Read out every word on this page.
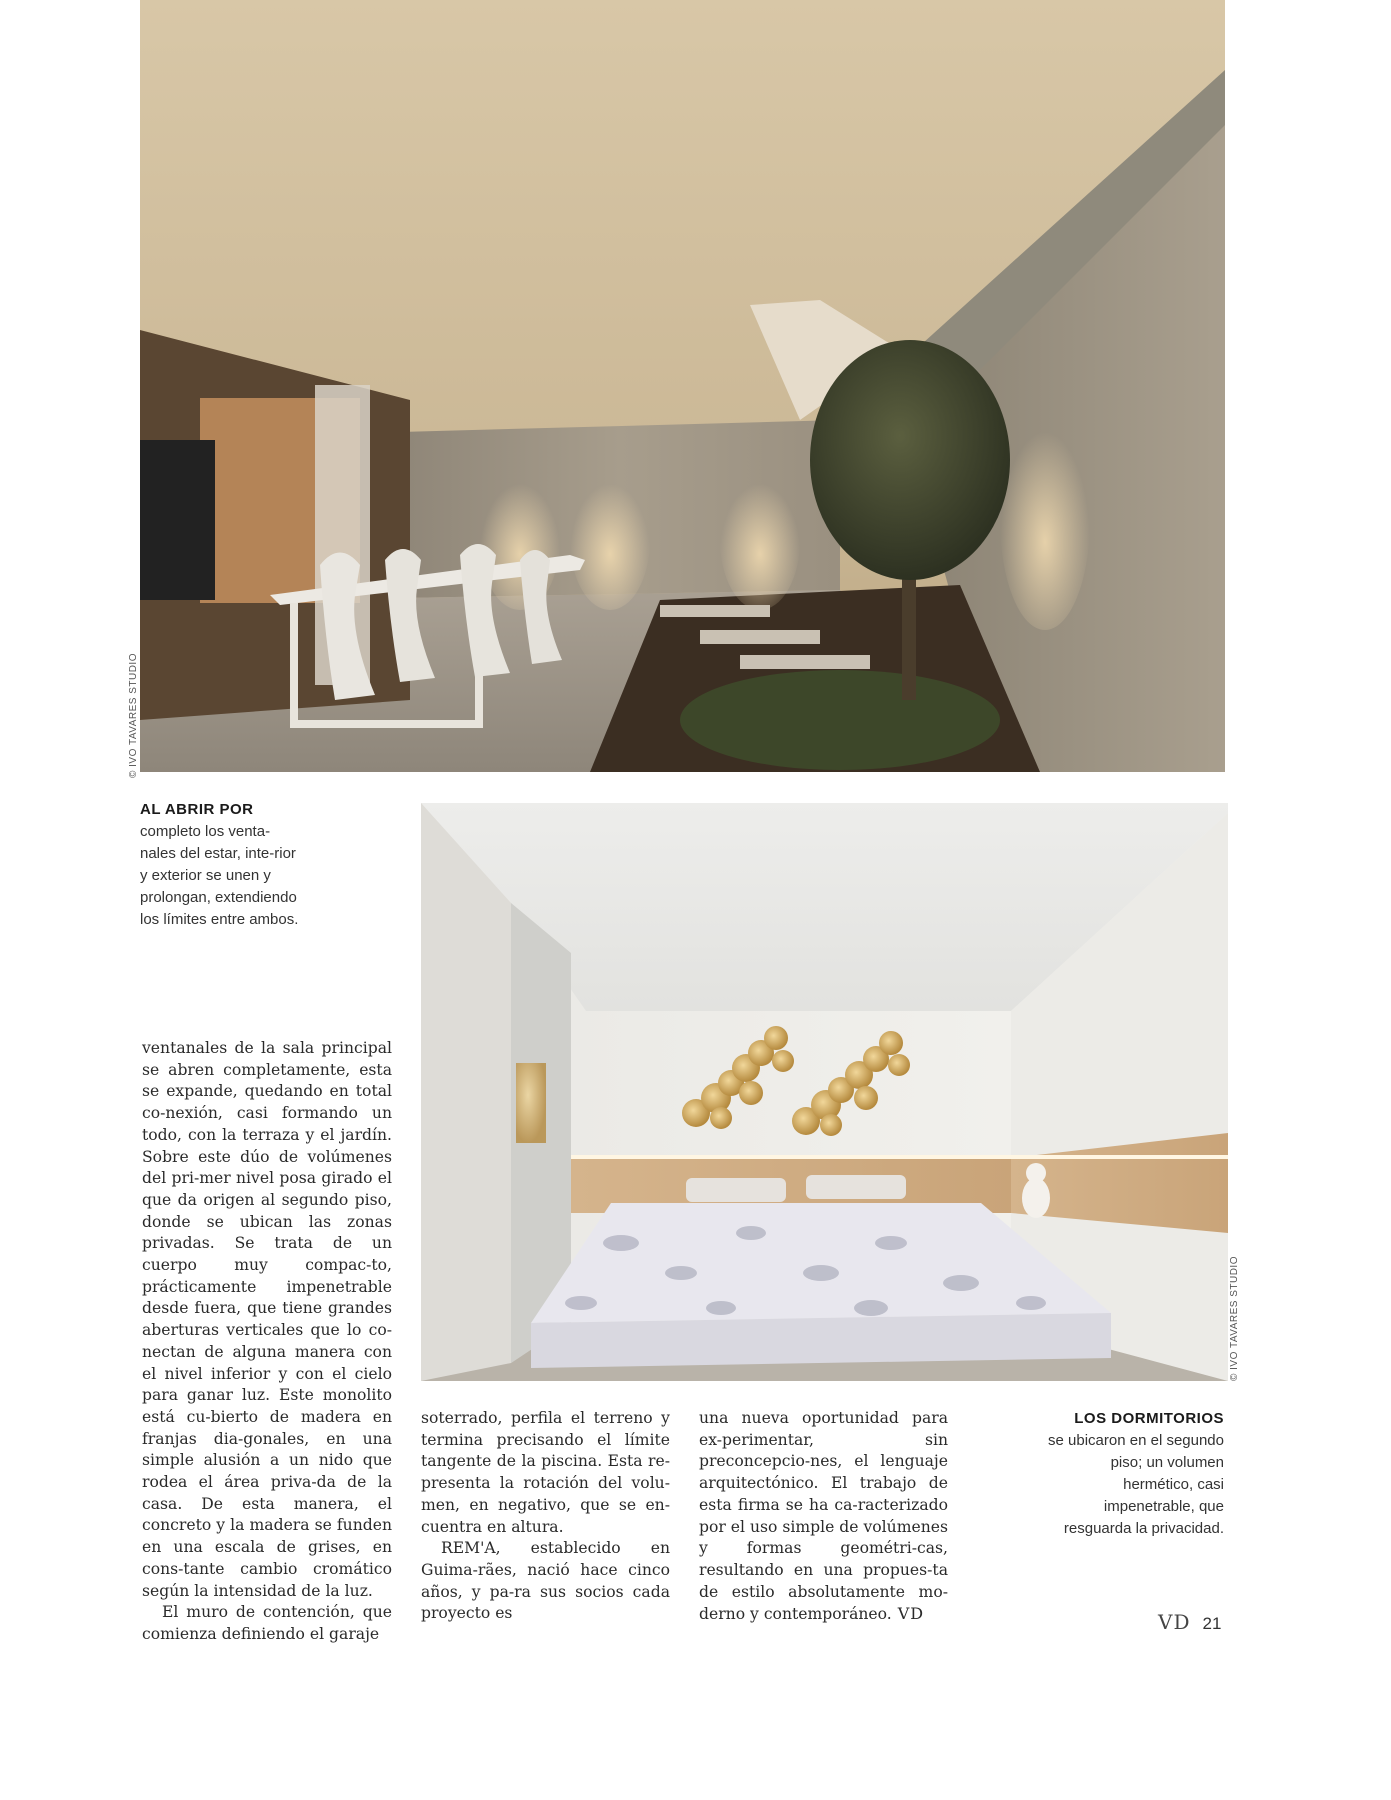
© IVO TAVARES STUDIO
AL ABRIR POR
completo los venta-nales del estar, inte-rior y exterior se unen y prolongan, extendiendo los límites entre ambos.
© IVO TAVARES STUDIO

ventanales de la sala principal se abren completamente, esta se expande, quedando en total co-nexión, casi formando un todo, con la terraza y el jardín. Sobre este dúo de volúmenes del pri-mer nivel posa girado el que da origen al segundo piso, donde se ubican las zonas privadas. Se trata de un cuerpo muy compac-to, prácticamente impenetrable desde fuera, que tiene grandes aberturas verticales que lo co-nectan de alguna manera con el nivel inferior y con el cielo para ganar luz. Este monolito está cu-bierto de madera en franjas dia-gonales, en una simple alusión a un nido que rodea el área priva-da de la casa. De esta manera, el concreto y la madera se funden en una escala de grises, en cons-tante cambio cromático según la intensidad de la luz.

El muro de contención, que comienza definiendo el garaje

soterrado, perfila el terreno y termina precisando el límite tangente de la piscina. Esta re-presenta la rotación del volu-men, en negativo, que se en-cuentra en altura.

REM'A, establecido en Guima-rães, nació hace cinco años, y pa-ra sus socios cada proyecto es

una nueva oportunidad para ex-perimentar, sin preconcepcio-nes, el lenguaje arquitectónico. El trabajo de esta firma se ha ca-racterizado por el uso simple de volúmenes y formas geométri-cas, resultando en una propues-ta de estilo absolutamente mo-derno y contemporáneo. VD

LOS DORMITORIOS
se ubicaron en el segundo piso; un volumen hermético, casi impenetrable, que resguarda la privacidad.
VD 21
